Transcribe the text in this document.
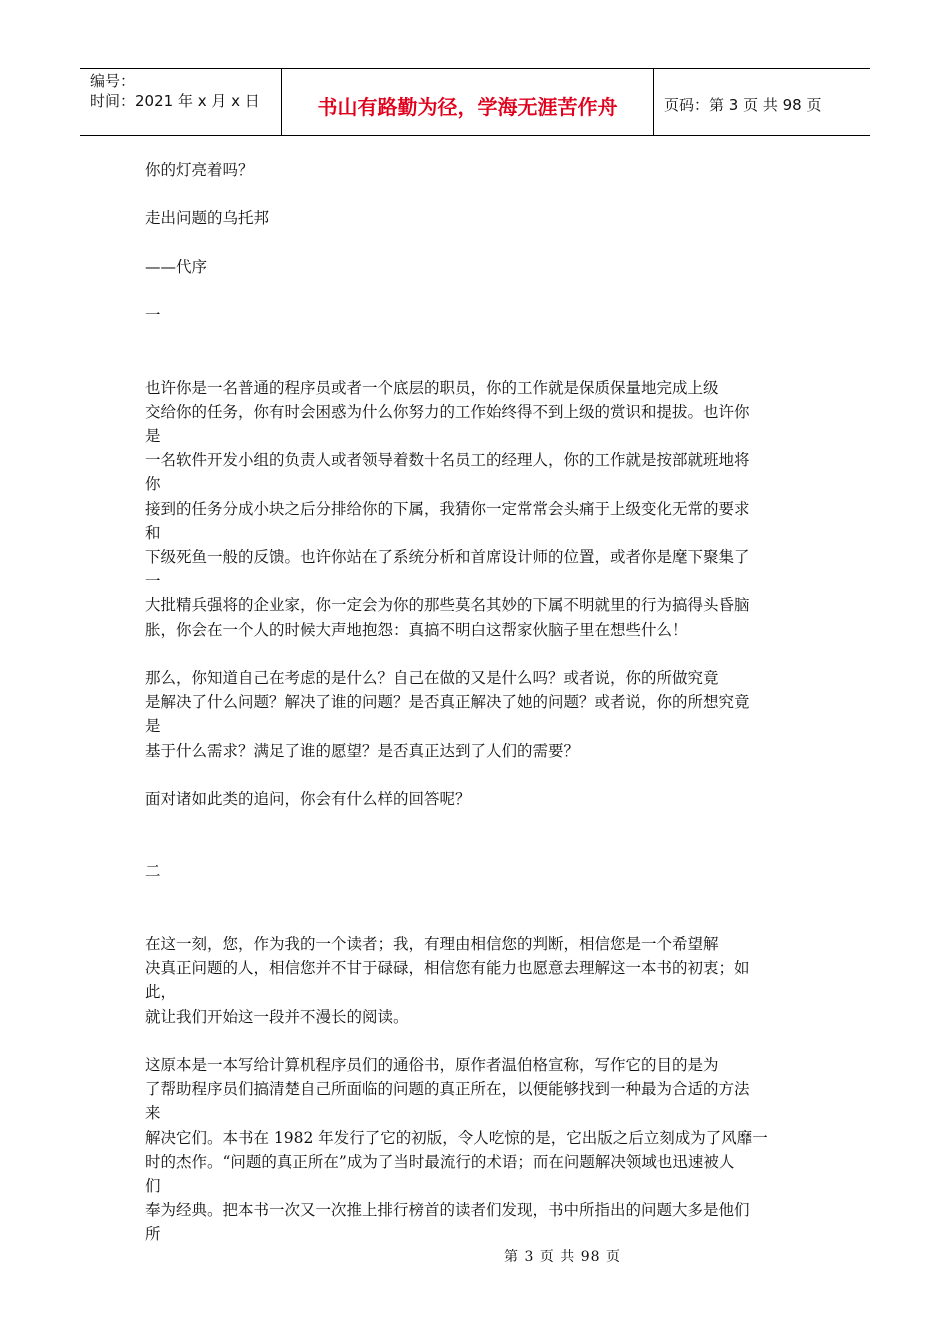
编号：
时间：2021 年 x 月 x 日	书山有路勤为径，学海无涯苦作舟	页码：第 3 页 共 98 页
你的灯亮着吗？
走出问题的乌托邦
——代序
一
也许你是一名普通的程序员或者一个底层的职员，你的工作就是保质保量地完成上级
交给你的任务，你有时会困惑为什么你努力的工作始终得不到上级的赏识和提拔。也许你
是
一名软件开发小组的负责人或者领导着数十名员工的经理人，你的工作就是按部就班地将
你
接到的任务分成小块之后分排给你的下属，我猜你一定常常会头痛于上级变化无常的要求
和
下级死鱼一般的反馈。也许你站在了系统分析和首席设计师的位置，或者你是麾下聚集了
一
大批精兵强将的企业家，你一定会为你的那些莫名其妙的下属不明就里的行为搞得头昏脑
胀，你会在一个人的时候大声地抱怨：真搞不明白这帮家伙脑子里在想些什么！
那么，你知道自己在考虑的是什么？自己在做的又是什么吗？或者说，你的所做究竟
是解决了什么问题？解决了谁的问题？是否真正解决了她的问题？或者说，你的所想究竟
是
基于什么需求？满足了谁的愿望？是否真正达到了人们的需要？
面对诸如此类的追问，你会有什么样的回答呢？
二
在这一刻，您，作为我的一个读者；我，有理由相信您的判断，相信您是一个希望解
决真正问题的人，相信您并不甘于碌碌，相信您有能力也愿意去理解这一本书的初衷；如
此，
就让我们开始这一段并不漫长的阅读。
这原本是一本写给计算机程序员们的通俗书，原作者温伯格宣称，写作它的目的是为
了帮助程序员们搞清楚自己所面临的问题的真正所在，以便能够找到一种最为合适的方法
来
解决它们。本书在 1982 年发行了它的初版，令人吃惊的是，它出版之后立刻成为了风靡一
时的杰作。“问题的真正所在”成为了当时最流行的术语；而在问题解决领域也迅速被人
们
奉为经典。把本书一次又一次推上排行榜首的读者们发现，书中所指出的问题大多是他们
所
第 3 页 共 98 页
